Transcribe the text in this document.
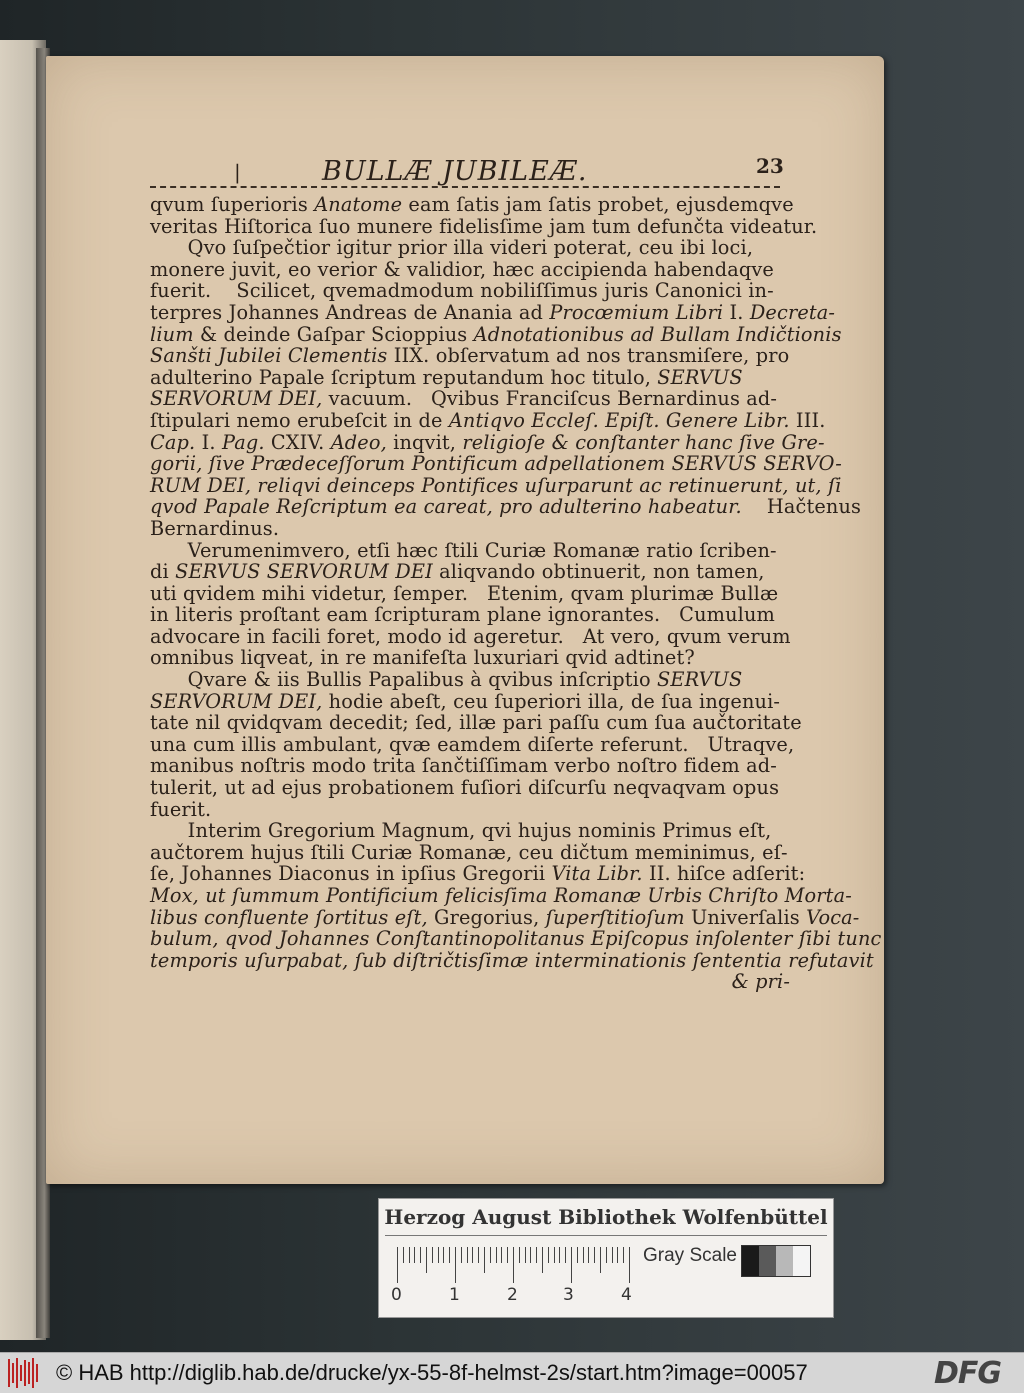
|	BULLÆ JUBILEÆ.	23
qvum ſuperioris Anatome eam ſatis jam ſatis probet, ejusdemqve
veritas Hiſtorica ſuo munere fidelisſime jam tum defunčta videatur.
Qvo ſuſpečtior igitur prior illa videri poterat, ceu ibi loci,
monere juvit, eo verior & validior, hæc accipienda habendaqve
fuerit.    Scilicet, qvemadmodum nobiliſſimus juris Canonici in-
terpres Johannes Andreas de Anania ad Procœmium Libri I. Decreta-
lium & deinde Gaſpar Scioppius Adnotationibus ad Bullam Indičtionis
Sanšti Jubilei Clementis IIX. obſervatum ad nos transmiſere, pro
adulterino Papale ſcriptum reputandum hoc titulo, SERVUS
SERVORUM DEI, vacuum.   Qvibus Franciſcus Bernardinus ad-
ſtipulari nemo erubeſcit in de Antiqvo Eccleſ. Epiſt. Genere Libr. III.
Cap. I. Pag. CXIV. Adeo, inqvit, religioſe & conſtanter hanc ſive Gre-
gorii, ſive Prædeceſſorum Pontificum adpellationem SERVUS SERVO-
RUM DEI, reliqvi deinceps Pontifices uſurparunt ac retinuerunt, ut, ſi
qvod Papale Reſcriptum ea careat, pro adulterino habeatur.    Hačtenus
Bernardinus.
Verumenimvero, etſi hæc ſtili Curiæ Romanæ ratio ſcriben-
di SERVUS SERVORUM DEI aliqvando obtinuerit, non tamen,
uti qvidem mihi videtur, ſemper.   Etenim, qvam plurimæ Bullæ
in literis proſtant eam ſcripturam plane ignorantes.   Cumulum
advocare in facili foret, modo id ageretur.   At vero, qvum verum
omnibus liqveat, in re manifeſta luxuriari qvid adtinet?
Qvare & iis Bullis Papalibus à qvibus inſcriptio SERVUS
SERVORUM DEI, hodie abeſt, ceu ſuperiori illa, de ſua ingenui-
tate nil qvidqvam decedit; ſed, illæ pari paſſu cum ſua aučtoritate
una cum illis ambulant, qvæ eamdem diſerte referunt.   Utraqve,
manibus noſtris modo trita ſančtiſſimam verbo noſtro fidem ad-
tulerit, ut ad ejus probationem fuſiori diſcurſu neqvaqvam opus
fuerit.
Interim Gregorium Magnum, qvi hujus nominis Primus eſt,
aučtorem hujus ſtili Curiæ Romanæ, ceu dičtum meminimus, eſ-
ſe, Johannes Diaconus in ipſius Gregorii Vita Libr. II. hiſce adſerit:
Mox, ut ſummum Pontificium felicisſima Romanæ Urbis Chriſto Morta-
libus confluente ſortitus eſt, Gregorius, ſuperſtitioſum Univerſalis Voca-
bulum, qvod Johannes Conſtantinopolitanus Epiſcopus inſolenter ſibi tunc
temporis uſurpabat, ſub diſtričtisſimæ interminationis ſententia refutavit
& pri-
Herzog August Bibliothek Wolfenbüttel
0	1	2	3	4
Gray Scale
© HAB http://diglib.hab.de/drucke/yx-55-8f-helmst-2s/start.htm?image=00057	DFG
